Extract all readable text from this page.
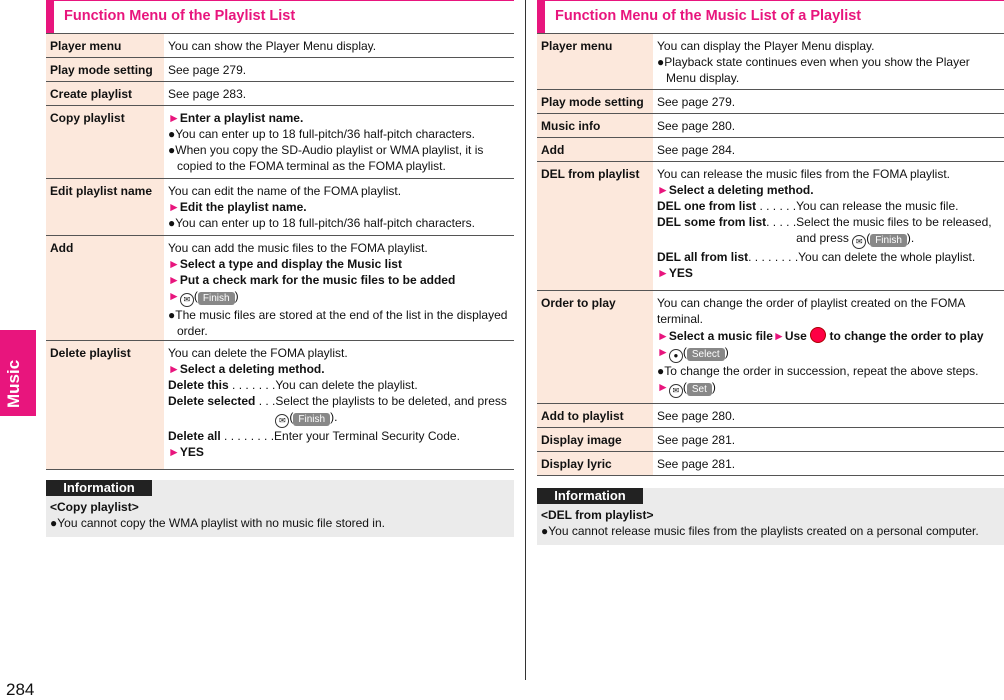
Music
284
Function Menu of the Playlist List
Player menu	You can show the Player Menu display.
Play mode setting	See page 279.
Create playlist	See page 283.
Copy playlist	►Enter a playlist name.
●You can enter up to 18 full-pitch/36 half-pitch characters.
●When you copy the SD-Audio playlist or WMA playlist, it is copied to the FOMA terminal as the FOMA playlist.
Edit playlist name	You can edit the name of the FOMA playlist.
►Edit the playlist name.
●You can enter up to 18 full-pitch/36 half-pitch characters.
Add	You can add the music files to the FOMA playlist.
►Select a type and display the Music list
►Put a check mark for the music files to be added
► ✉ ( Finish )
●The music files are stored at the end of the list in the displayed order.
Delete playlist	You can delete the FOMA playlist.
►Select a deleting method.
Delete this . . . . . . . You can delete the playlist.
Delete selected . . . Select the playlists to be deleted, and press ✉ ( Finish ).
Delete all . . . . . . . . Enter your Terminal Security Code.
►YES
Information
<Copy playlist>
●You cannot copy the WMA playlist with no music file stored in.
Function Menu of the Music List of a Playlist
Player menu	You can display the Player Menu display.
●Playback state continues even when you show the Player Menu display.
Play mode setting	See page 279.
Music info	See page 280.
Add	See page 284.
DEL from playlist	You can release the music files from the FOMA playlist.
►Select a deleting method.
DEL one from list . . . . . . You can release the music file.
DEL some from list. . . . . Select the music files to be released, and press ✉ ( Finish ).
DEL all from list. . . . . . . . You can delete the whole playlist.
►YES
Order to play	You can change the order of playlist created on the FOMA terminal.
►Select a music file►Use to change the order to play
► ● ( Select )
●To change the order in succession, repeat the above steps.
► ✉ ( Set )
Add to playlist	See page 280.
Display image	See page 281.
Display lyric	See page 281.
Information
<DEL from playlist>
●You cannot release music files from the playlists created on a personal computer.
